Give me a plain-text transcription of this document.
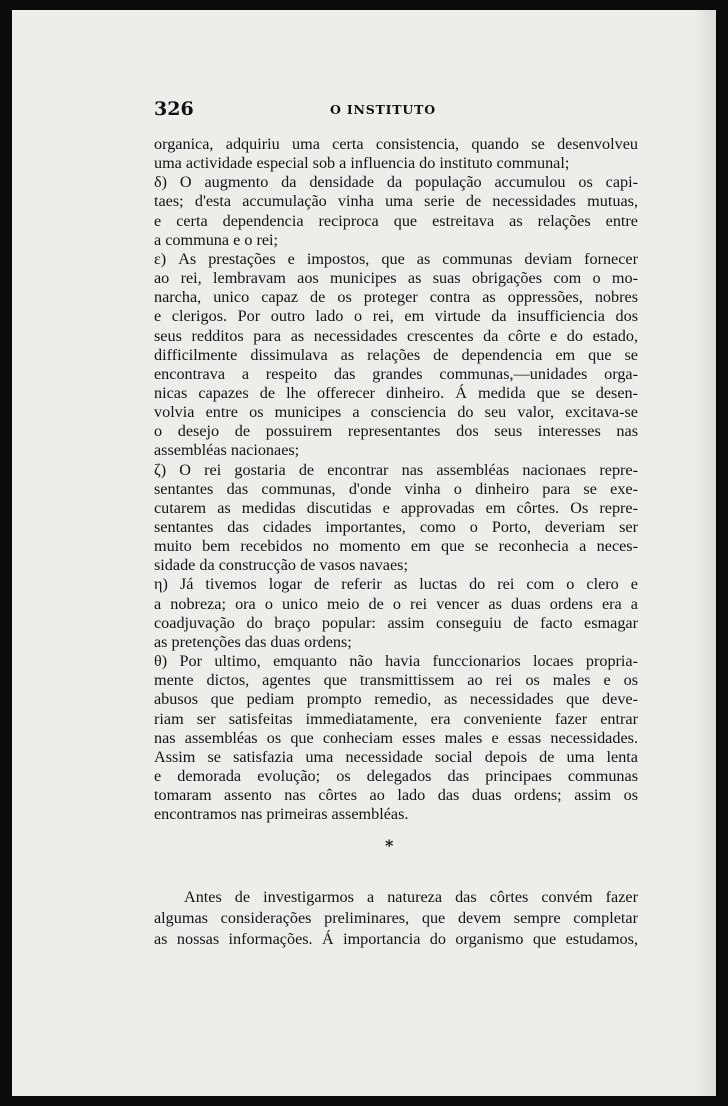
326	O INSTITUTO
organica, adquiriu uma certa consistencia, quando se desenvolveu
uma actividade especial sob a influencia do instituto communal;
δ) O augmento da densidade da população accumulou os capi-
taes; d'esta accumulação vinha uma serie de necessidades mutuas,
e certa dependencia reciproca que estreitava as relações entre
a communa e o rei;
ε) As prestações e impostos, que as communas deviam fornecer
ao rei, lembravam aos municipes as suas obrigações com o mo-
narcha, unico capaz de os proteger contra as oppressões, nobres
e clerigos. Por outro lado o rei, em virtude da insufficiencia dos
seus redditos para as necessidades crescentes da côrte e do estado,
difficilmente dissimulava as relações de dependencia em que se
encontrava a respeito das grandes communas,—unidades orga-
nicas capazes de lhe offerecer dinheiro. Á medida que se desen-
volvia entre os municipes a consciencia do seu valor, excitava-se
o desejo de possuirem representantes dos seus interesses nas
assembléas nacionaes;
ζ) O rei gostaria de encontrar nas assembléas nacionaes repre-
sentantes das communas, d'onde vinha o dinheiro para se exe-
cutarem as medidas discutidas e approvadas em côrtes. Os repre-
sentantes das cidades importantes, como o Porto, deveriam ser
muito bem recebidos no momento em que se reconhecia a neces-
sidade da construcção de vasos navaes;
η) Já tivemos logar de referir as luctas do rei com o clero e
a nobreza; ora o unico meio de o rei vencer as duas ordens era a
coadjuvação do braço popular: assim conseguiu de facto esmagar
as pretenções das duas ordens;
θ) Por ultimo, emquanto não havia funccionarios locaes propria-
mente dictos, agentes que transmittissem ao rei os males e os
abusos que pediam prompto remedio, as necessidades que deve-
riam ser satisfeitas immediatamente, era conveniente fazer entrar
nas assembléas os que conheciam esses males e essas necessidades.
Assim se satisfazia uma necessidade social depois de uma lenta
e demorada evolução; os delegados das principaes communas
tomaram assento nas côrtes ao lado das duas ordens; assim os
encontramos nas primeiras assembléas.
*
Antes de investigarmos a natureza das côrtes convém fazer
algumas considerações preliminares, que devem sempre completar
as nossas informações. Á importancia do organismo que estudamos,
